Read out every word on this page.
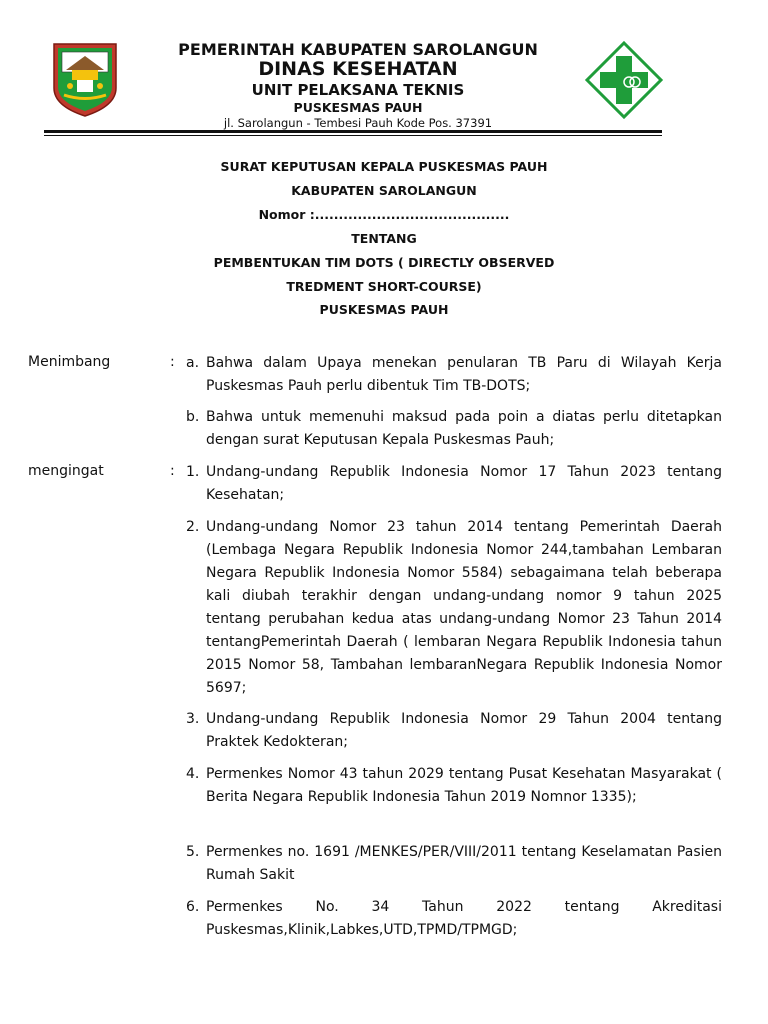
PEMERINTAH KABUPATEN SAROLANGUN
DINAS KESEHATAN
UNIT PELAKSANA TEKNIS
PUSKESMAS PAUH
jl. Sarolangun - Tembesi Pauh Kode Pos. 37391
SURAT KEPUTUSAN KEPALA PUSKESMAS PAUH
KABUPATEN SAROLANGUN
Nomor :.........................................
TENTANG
PEMBENTUKAN TIM DOTS ( DIRECTLY OBSERVED
TREDMENT SHORT-COURSE)
PUSKESMAS PAUH
Menimbang	: a. Bahwa dalam Upaya menekan penularan TB Paru di Wilayah Kerja Puskesmas Pauh perlu dibentuk Tim TB-DOTS;
b. Bahwa untuk memenuhi maksud pada poin a diatas perlu ditetapkan dengan surat Keputusan Kepala Puskesmas Pauh;
mengingat	: 1. Undang-undang Republik Indonesia Nomor 17 Tahun 2023 tentang Kesehatan;
2. Undang-undang Nomor 23 tahun 2014 tentang Pemerintah Daerah (Lembaga Negara Republik Indonesia Nomor 244,tambahan Lembaran Negara Republik Indonesia Nomor 5584) sebagaimana telah beberapa kali diubah terakhir dengan undang-undang nomor 9 tahun 2025 tentang perubahan kedua atas undang-undang Nomor 23 Tahun 2014 tentangPemerintah Daerah ( lembaran Negara Republik Indonesia tahun 2015 Nomor 58, Tambahan lembaranNegara Republik Indonesia Nomor 5697;
3. Undang-undang Republik Indonesia Nomor 29 Tahun 2004 tentang Praktek Kedokteran;
4. Permenkes Nomor 43 tahun 2029 tentang Pusat Kesehatan Masyarakat ( Berita Negara Republik Indonesia Tahun 2019 Nomnor 1335);
5. Permenkes no. 1691 /MENKES/PER/VIII/2011 tentang Keselamatan Pasien Rumah Sakit
6. Permenkes No. 34 Tahun 2022 tentang Akreditasi Puskesmas,Klinik,Labkes,UTD,TPMD/TPMGD;
